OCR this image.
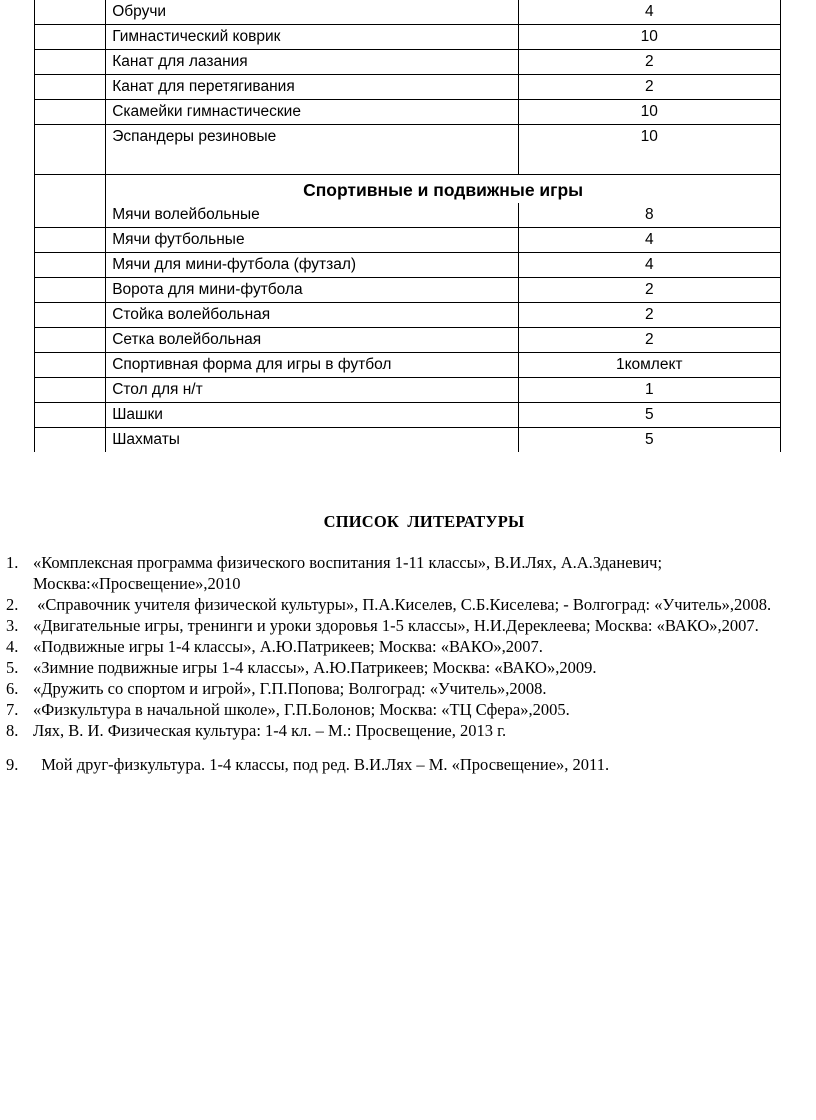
	Обручи	4
	Гимнастический коврик	10
	Канат для лазания	2
	Канат для перетягивания	2
	Скамейки гимнастические	10
	Эспандеры резиновые	10

	Спортивные и подвижные игры	
	Мячи волейбольные	8
	Мячи футбольные	4
	Мячи для мини-футбола (футзал)	4
	Ворота для мини-футбола	2
	Стойка волейбольная	2
	Сетка волейбольная	2
	Спортивная форма для игры в футбол	1комлект
	Стол для н/т	1
	Шашки	5
	Шахматы	5
СПИСОК ЛИТЕРАТУРЫ
1. «Комплексная программа физического воспитания 1-11 классы», В.И.Лях, А.А.Зданевич; Москва:«Просвещение»,2010
2. «Справочник учителя физической культуры», П.А.Киселев, С.Б.Киселева; - Волгоград: «Учитель»,2008.
3. «Двигательные игры, тренинги и уроки здоровья 1-5 классы», Н.И.Дереклеева; Москва: «ВАКО»,2007.
4. «Подвижные игры 1-4 классы», А.Ю.Патрикеев; Москва: «ВАКО»,2007.
5. «Зимние подвижные игры 1-4 классы», А.Ю.Патрикеев; Москва: «ВАКО»,2009.
6. «Дружить со спортом и игрой», Г.П.Попова; Волгоград: «Учитель»,2008.
7. «Физкультура в начальной школе», Г.П.Болонов; Москва: «ТЦ Сфера»,2005.
8. Лях, В. И. Физическая культура: 1-4 кл. – М.: Просвещение, 2013 г.
9. Мой друг-физкультура. 1-4 классы, под ред. В.И.Лях – М. «Просвещение», 2011.
